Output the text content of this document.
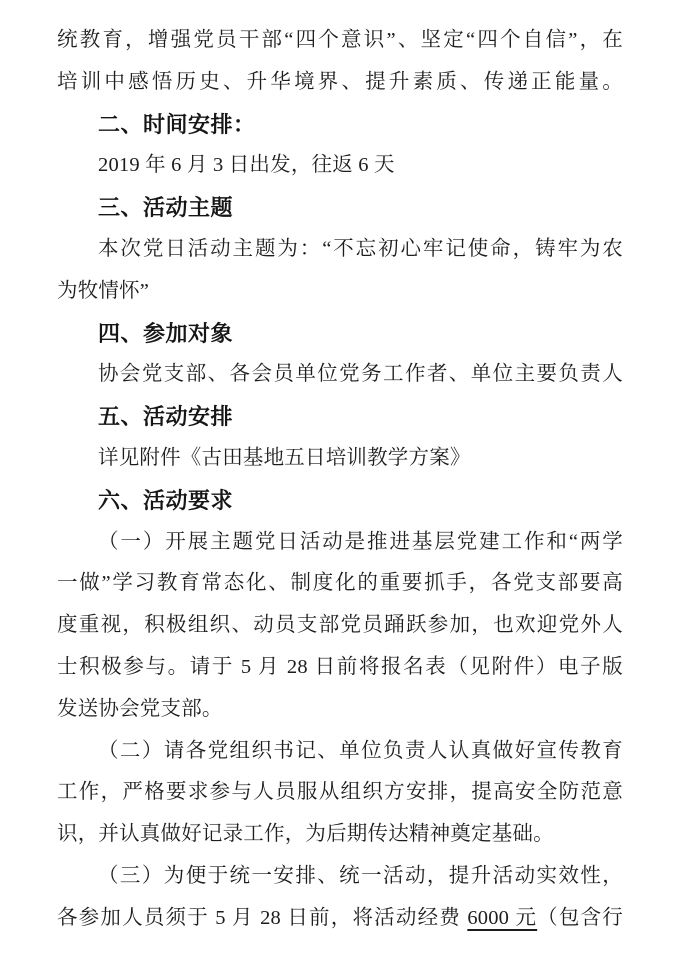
统教育，增强党员干部“四个意识”、坚定“四个自信”，在
培训中感悟历史、升华境界、提升素质、传递正能量。
二、时间安排：
2019 年 6 月 3 日出发，往返 6 天
三、活动主题
本次党日活动主题为：“不忘初心牢记使命，铸牢为农
为牧情怀”
四、参加对象
协会党支部、各会员单位党务工作者、单位主要负责人
五、活动安排
详见附件《古田基地五日培训教学方案》
六、活动要求
（一）开展主题党日活动是推进基层党建工作和“两学
一做”学习教育常态化、制度化的重要抓手，各党支部要高
度重视，积极组织、动员支部党员踊跃参加，也欢迎党外人
士积极参与。请于 5 月 28 日前将报名表（见附件）电子版
发送协会党支部。
（二）请各党组织书记、单位负责人认真做好宣传教育
工作，严格要求参与人员服从组织方安排，提高安全防范意
识，并认真做好记录工作，为后期传达精神奠定基础。
（三）为便于统一安排、统一活动，提升活动实效性，
各参加人员须于 5 月 28 日前，将活动经费 6000 元（包含行
